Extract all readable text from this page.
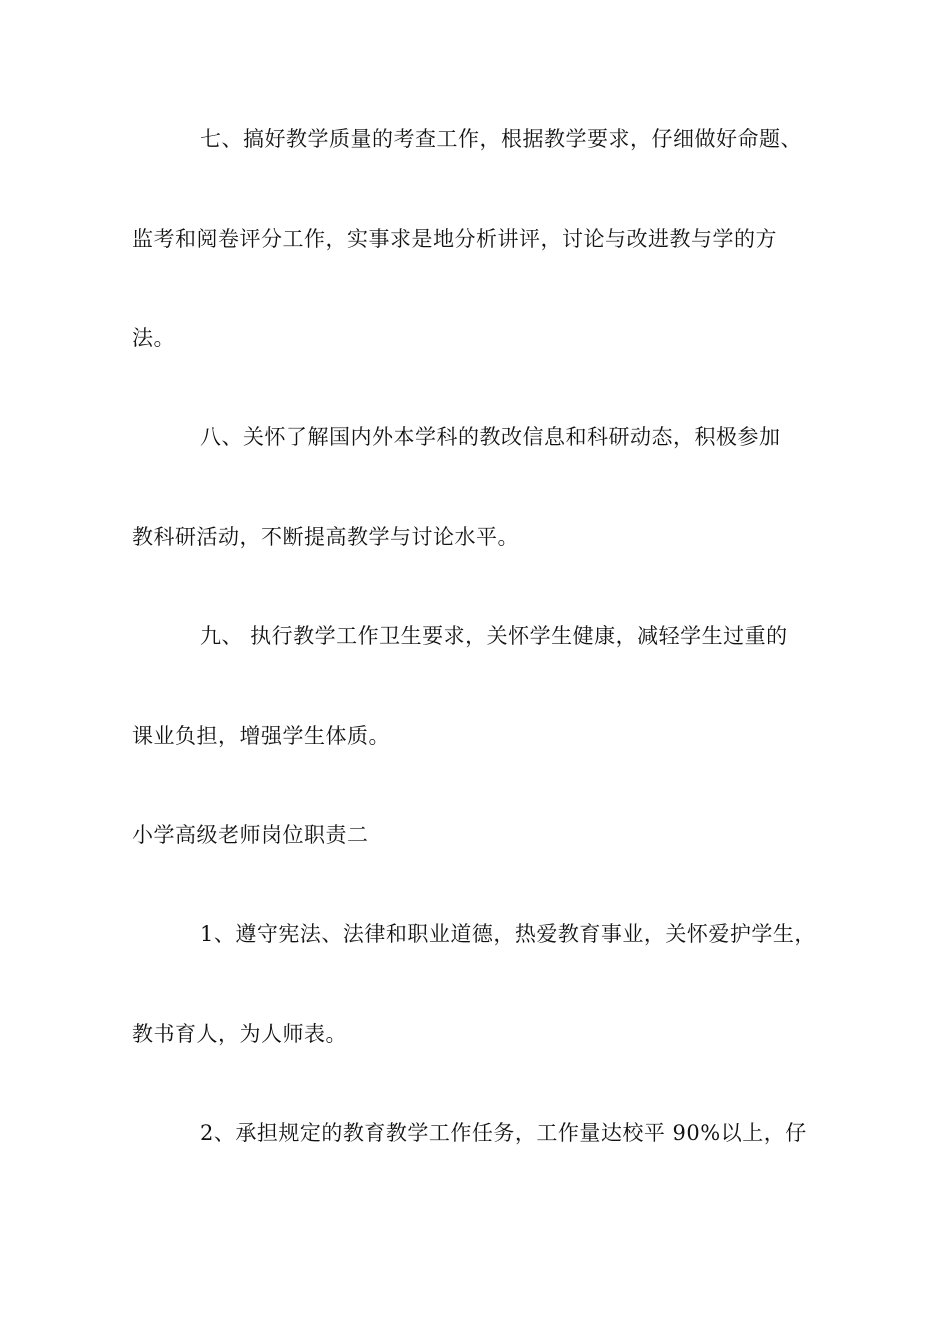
七、搞好教学质量的考查工作，根据教学要求，仔细做好命题、
监考和阅卷评分工作，实事求是地分析讲评，讨论与改进教与学的方
法。
八、关怀了解国内外本学科的教改信息和科研动态，积极参加
教科研活动，不断提高教学与讨论水平。
九、 执行教学工作卫生要求，关怀学生健康，减轻学生过重的
课业负担，增强学生体质。
小学高级老师岗位职责二
1、遵守宪法、法律和职业道德，热爱教育事业，关怀爱护学生，
教书育人，为人师表。
2、承担规定的教育教学工作任务，工作量达校平 90%以上，仔
